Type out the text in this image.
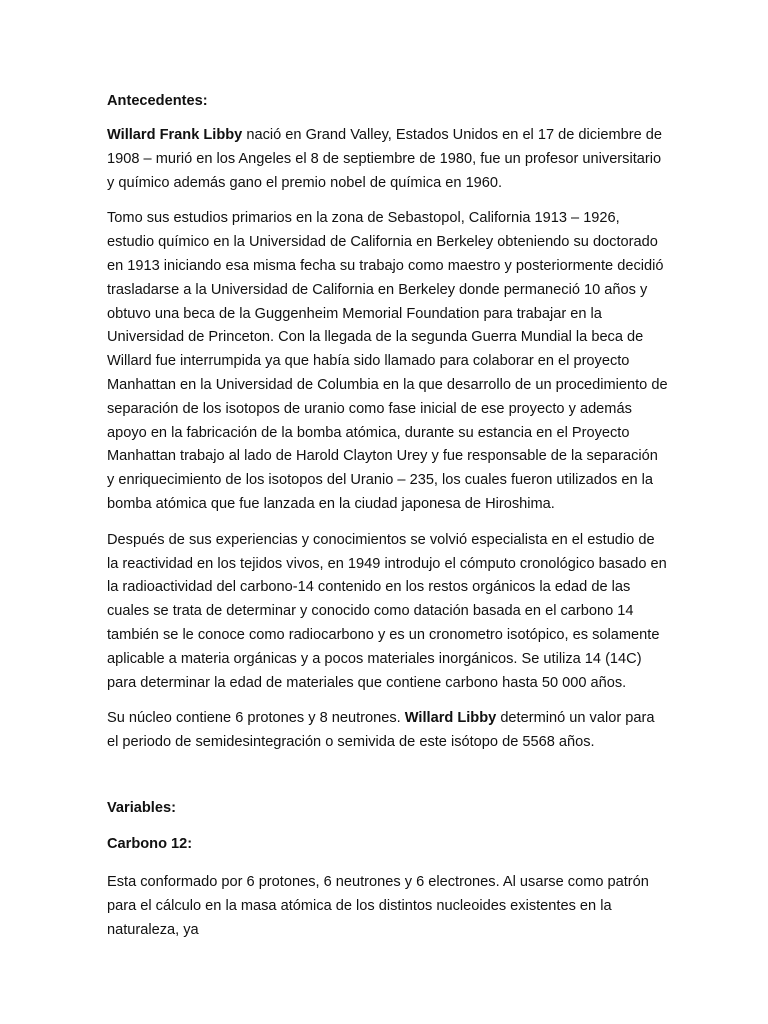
Antecedentes:

Willard Frank Libby nació en Grand Valley, Estados Unidos en el 17 de diciembre de 1908 – murió en los Angeles el 8 de septiembre de 1980, fue un profesor universitario y químico además gano el premio nobel de química en 1960.

Tomo sus estudios primarios en la zona de Sebastopol, California 1913 – 1926, estudio químico en la Universidad de California en Berkeley obteniendo su doctorado en 1913 iniciando esa misma fecha su trabajo como maestro y posteriormente decidió trasladarse a la Universidad de California en Berkeley donde permaneció 10 años y obtuvo una beca de la Guggenheim Memorial Foundation para trabajar en la Universidad de Princeton. Con la llegada de la segunda Guerra Mundial la beca de Willard fue interrumpida ya que había sido llamado para colaborar en el proyecto Manhattan en la Universidad de Columbia en la que desarrollo de un procedimiento de separación de los isotopos de uranio como fase inicial de ese proyecto y además apoyo en la fabricación de la bomba atómica, durante su estancia en el Proyecto Manhattan trabajo al lado de Harold Clayton Urey y fue responsable de la separación y enriquecimiento de los isotopos del Uranio – 235, los cuales fueron utilizados en la bomba atómica que fue lanzada en la ciudad japonesa de Hiroshima.

Después de sus experiencias y conocimientos se volvió especialista en el estudio de la reactividad en los tejidos vivos, en 1949 introdujo el cómputo cronológico basado en la radioactividad del carbono-14 contenido en los restos orgánicos la edad de las cuales se trata de determinar y conocido como datación basada en el carbono 14 también se le conoce como radiocarbono y es un cronometro isotópico, es solamente aplicable a materia orgánicas y a pocos materiales inorgánicos. Se utiliza 14 (14C) para determinar la edad de materiales que contiene carbono hasta 50 000 años.

Su núcleo contiene 6 protones y 8 neutrones. Willard Libby determinó un valor para el periodo de semidesintegración o semivida de este isótopo de 5568 años.

Variables:

Carbono 12:

Esta conformado por 6 protones, 6 neutrones y 6 electrones. Al usarse como patrón para el cálculo en la masa atómica de los distintos nucleoides existentes en la naturaleza, ya
